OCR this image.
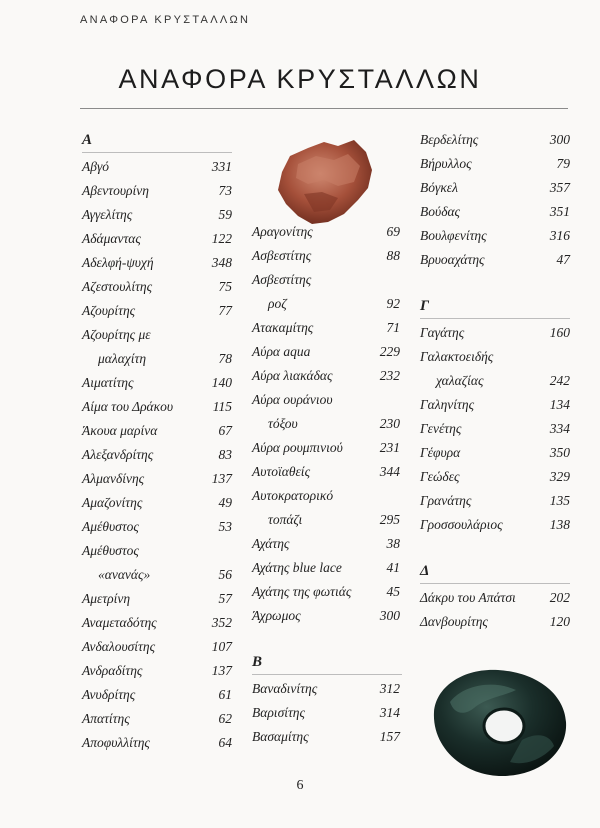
ΑΝΑΦΟΡΑ ΚΡΥΣΤΑΛΛΩΝ
ΑΝΑΦΟΡΑ ΚΡΥΣΤΑΛΛΩΝ
Α
Αβγό	331
Αβεντουρίνη	73
Αγγελίτης	59
Αδάμαντας	122
Αδελφή-ψυχή	348
Αζεστουλίτης	75
Αζουρίτης	77
Αζουρίτης με
μαλαχίτη	78
Αιματίτης	140
Αίμα του Δράκου	115
Άκουα μαρίνα	67
Αλεξανδρίτης	83
Αλμανδίνης	137
Αμαζονίτης	49
Αμέθυστος	53
Αμέθυστος
«ανανάς»	56
Αμετρίνη	57
Αναμεταδότης	352
Ανδαλουσίτης	107
Ανδραδίτης	137
Ανυδρίτης	61
Απατίτης	62
Αποφυλλίτης	64
Αραγονίτης	69
Ασβεστίτης	88
Ασβεστίτης
ροζ	92
Ατακαμίτης	71
Αύρα aqua	229
Αύρα λιακάδας	232
Αύρα ουράνιου
τόξου	230
Αύρα ρουμπινιού	231
Αυτοϊαθείς	344
Αυτοκρατορικό
τοπάζι	295
Αχάτης	38
Αχάτης blue lace	41
Αχάτης της φωτιάς	45
Άχρωμος	300
Β
Βαναδινίτης	312
Βαρισίτης	314
Βασαμίτης	157
Βερδελίτης	300
Βήρυλλος	79
Βόγκελ	357
Βούδας	351
Βουλφενίτης	316
Βρυοαχάτης	47
Γ
Γαγάτης	160
Γαλακτοειδής
χαλαζίας	242
Γαληνίτης	134
Γενέτης	334
Γέφυρα	350
Γεώδες	329
Γρανάτης	135
Γροσσουλάριος	138
Δ
Δάκρυ του Απάτσι	202
Δανβουρίτης	120
6
